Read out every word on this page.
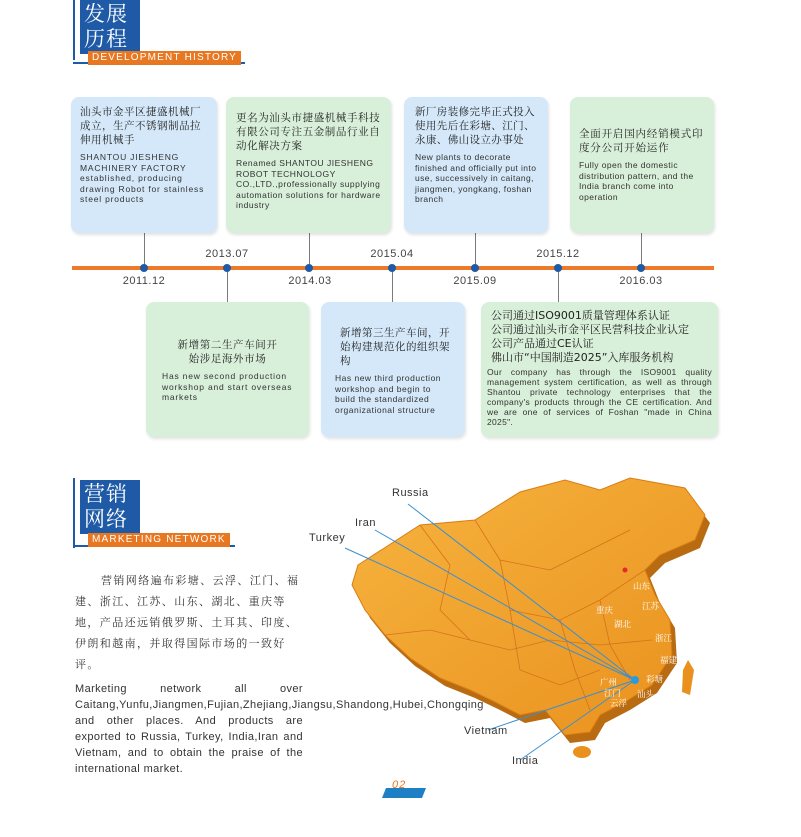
发展
历程
DEVELOPMENT HISTORY
2011.12
2013.07
2014.03
2015.04
2015.09
2015.12
2016.03
汕头市金平区捷盛机械厂成立，生产不锈钢制品拉伸用机械手
SHANTOU JIESHENG MACHINERY FACTORY established, producing drawing Robot for stainless steel products
更名为汕头市捷盛机械手科技有限公司专注五金制品行业自动化解决方案
Renamed SHANTOU JIESHENG ROBOT TECHNOLOGY CO.,LTD.,professionally supplying automation solutions for hardware industry
新厂房装修完毕正式投入使用先后在彩塘、江门、永康、佛山设立办事处
New plants to decorate finished and officially put into use, successively in caitang, jiangmen, yongkang, foshan branch
全面开启国内经销模式印度分公司开始运作
Fully open the domestic distribution pattern, and the India branch come into operation
新增第二生产车间开始涉足海外市场
Has new second production workshop and start overseas markets
新增第三生产车间，开始构建规范化的组织架构
Has new third production workshop and begin to build the standardized organizational structure
公司通过ISO9001质量管理体系认证
公司通过汕头市金平区民营科技企业认定
公司产品通过CE认证
佛山市“中国制造2025”入库服务机构
Our company has through the ISO9001 quality management system certification, as well as through Shantou private technology enterprises that the company's products through the CE certification. And we are one of services of Foshan "made in China 2025".
营销
网络
MARKETING NETWORK
营销网络遍布彩塘、云浮、江门、福建、浙江、江苏、山东、湖北、重庆等地，产品还远销俄罗斯、土耳其、印度、伊朗和越南，并取得国际市场的一致好评。
Marketing network all over Caitang,Yunfu,Jiangmen,Fujian,Zhejiang,Jiangsu,Shandong,Hubei,Chongqing and other places. And products are exported to Russia, Turkey, India,Iran and Vietnam, and to obtain the praise of the international market.
Russia
Iran
Turkey
Vietnam
India
山东
江苏
重庆
湖北
浙江
福建
广州	彩塘
江门 汕头
云浮
02
